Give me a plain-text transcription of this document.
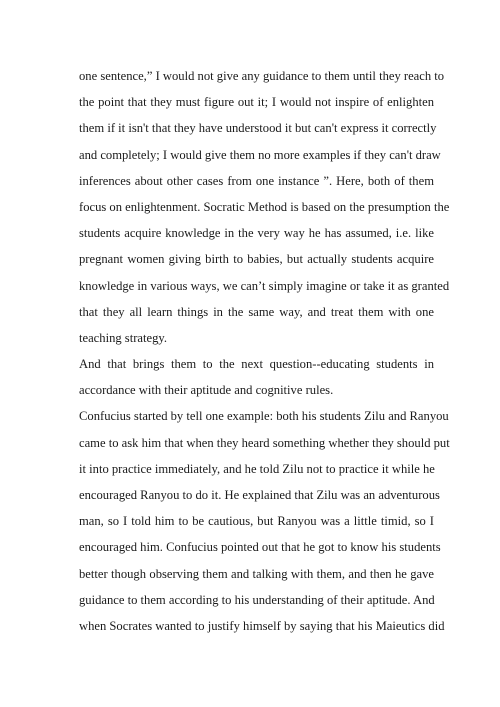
one sentence,” I would not give any guidance to them until they reach to
the point that they must figure out it; I would not inspire of enlighten
them if it isn't that they have understood it but can't express it correctly
and completely; I would give them no more examples if they can't draw
inferences about other cases from one instance ”. Here, both of them
focus on enlightenment. Socratic Method is based on the presumption the
students acquire knowledge in the very way he has assumed, i.e. like
pregnant women giving birth to babies, but actually students acquire
knowledge in various ways, we can’t simply imagine or take it as granted
that they all learn things in the same way, and treat them with one
teaching strategy.
And that brings them to the next question--educating students in
accordance with their aptitude and cognitive rules.
Confucius started by tell one example: both his students Zilu and Ranyou
came to ask him that when they heard something whether they should put
it into practice immediately, and he told Zilu not to practice it while he
encouraged Ranyou to do it. He explained that Zilu was an adventurous
man, so I told him to be cautious, but Ranyou was a little timid, so I
encouraged him. Confucius pointed out that he got to know his students
better though observing them and talking with them, and then he gave
guidance to them according to his understanding of their aptitude. And
when Socrates wanted to justify himself by saying that his Maieutics did
